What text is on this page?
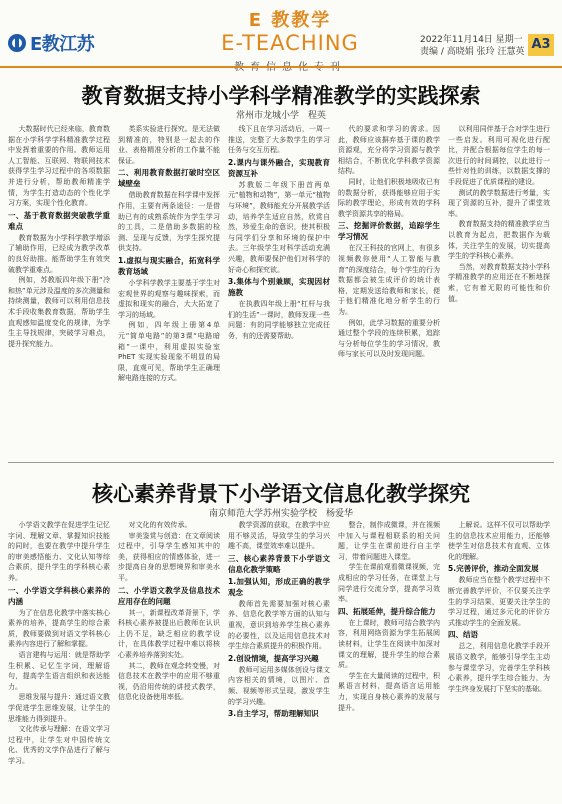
E教江苏
E 教教学
E-TEACHING	2022年11月14日 星期一
责编 / 高晓娟 张玲 汪慧英 A3
教育数据支持小学科学精准教学的实践探索
常州市龙城小学　程英

大数据时代已经来临，教育数据在小学科学学科精准教学过程中发挥着重要的作用。教师运用人工智能、互联网、物联网技术获得学生学习过程中的各项数据并进行分析，帮助教师精准学情，为学生打造动态的个性化学习方案，实现个性化教育。

一、基于教育数据突破教学重难点

教育数据为小学科学教学增添了辅助作用，已经成为教学改革的良好助推。能帮助学生有效突破教学重难点。

例如，苏教版四年级下册“冷和热”单元涉及温度的多次测量和持续测量，教师可以利用信息技术手段收集教育数据，帮助学生直观感知温度变化的规律，为学生主导找规律，突破学习难点，提升探究能力。

类系实验进行探究。是无法做到精准的，特别是一起去的作业、表格精准分析的工作量不能保证。

二、利用教育数据打破时空区域壁垒

借助教育数据在科学课中发挥作用，主要有两条途径：一是借助已有的成熟系统作为学生学习的工具，二是借助多数据的检测、呈现与反馈，为学生探究提供支持。

1.虚拟与现实融合，拓宽科学教育场域

小学科学教学主要基于学生对宏观世界的观察与趣味探索，而虚拟和现实的融合，大大拓宽了学习的场域。

例如，四年级上册第4单元“简单电路”的第3课“电路暗箱”一课中，利用虚拟实验室 PhET 实现实验现象不明显的局限，直观可见，帮助学生正确理解电路连接的方式。

线下且在学习活动后，一周一推送，完整了大多数学生的学习任务与交互历程。

2.课内与课外融合，实现教育资源互补

苏教版二年级下册首两单元“植物和动物”，第一单元“植物与环境”，教师能充分开展教学活动，培养学生适应自然，欣赏自然，珍爱生命的意识，使其积极与同学们分享和环境的保护中去。三年级学生对科学活动充满兴趣，教师要保护他们对科学的好奇心和探究欲。

3.集体与个别兼顾，实现因材施教

在执教四年级上册“杠杆与我们的生活”一课时，教师发现一些问题：有的同学能够独立完成任务，有的还需要帮助。

代的要求和学习的需求。因此，教师应该摒弃基于课的教学资源观，充分将学习资源与教学相结合，不断优化学科教学资源结构。

同时，让他们积极地吸收已有的数据分析，获得能够应用于实际的教学理论，形成有效的学科教学资源共享的格局。

三、挖掘评价数据，追踪学生学习情况

在汉王科技的官网上，有很多视频教你使用“人工智能与教育”的深度结合，每个学生的行为数据都会被生成评价的统计表格，定期发送给教师和家长，便于他们精准化地分析学生的行为。

例如，此学习数据的重要分析通过整个学段的连续积累，追踪与分析每位学生的学习情况，教师与家长可以及时发现问题。

以利用同伴基于合对学生进行一些启发。利用可视化进行配比，并配合根据每位学生的每一次进行的时间调控，以此进行一些针对性的训练，以数据支撑的手段促进了优质课程的建设。

测试的教学数据进行考量，实现了资源的互补，提升了课堂效率。

教育数据支持的精准教学应当以教育为起点，把数据作为载体，关注学生的发展，切实提高学生的学科核心素养。

当然，对教育数据支持小学科学精准教学的应用还在不断地探索，它有着无限的可能性和价值。

核心素养背景下小学语文信息化教学探究
南京师范大学苏州实验学校　杨爱华

小学语文教学在促进学生记忆字词、理解文章、掌握知识技能的同时，也要在教学中提升学生的审美感悟能力、文化认知等综合素质，提升学生的学科核心素养。

一、小学语文学科核心素养的内涵

为了在信息化教学中落实核心素养的培养，提高学生的综合素质，教师要做到对语文学科核心素养内容进行了解和掌握。

语言建构与运用：就是帮助学生积累、记忆生字词，理解语句，提高学生语言组织和表达能力。

思维发展与提升：通过语文教学促进学生思维发展，让学生的思维能力得到提升。

文化传承与理解：在语文学习过程中，让学生对中国传统文化、优秀的文学作品进行了解与学习。

对文化的有效传承。

审美鉴赏与创造：在文章阅读过程中，引导学生感知其中的美，获得相应的情感体验，进一步提高自身的思想境界和审美水平。

二、小学语文教学及信息技术应用存在的问题

其一，新课程改革背景下，学科核心素养被提出后教师在认识上仍不足，缺乏相应的教学设计，在具体教学过程中难以将核心素养培养落到实处。

其二，教师在观念转变慢，对信息技术在教学中的应用不够重视，仍沿用传统的讲授式教学，信息化设备使用率低。

教学资源的获取，在教学中应用不够灵活，导致学生的学习兴趣不高，课堂效率难以提升。

三、核心素养背景下小学语文信息化教学策略
1.加强认知，形成正确的教学观念

教师首先需要加强对核心素养、信息化教学等方面的认知与重视，意识到培养学生核心素养的必要性，以及运用信息技术对学生综合素质提升的积极作用。

2.创设情境，提高学习兴趣

教师可运用多媒体创设与课文内容相关的情境，以图片、音频、视频等形式呈现，激发学生的学习兴趣。

3.自主学习，帮助理解知识

整合，制作成微课，并在视频中加入与课程相联系的相关问题，让学生在课前进行自主学习，带着问题进入课堂。

学生在课前观看微课视频，完成相应的学习任务，在课堂上与同学进行交流分享，提高学习效率。

四、拓展延伸，提升综合能力

在上课时，教师可结合教学内容，利用网络资源为学生拓展阅读材料，让学生在阅读中加深对课文的理解，提升学生的综合素质。

学生在大量阅读的过程中，积累语言材料，提高语言运用能力，实现自身核心素养的发展与提升。

上解说。这样不仅可以帮助学生的信息技术应用能力，还能够使学生对信息技术有直观、立体化的理解。

5.完善评价，推动全面发展

教师应当在整个教学过程中不断完善教学评价，不仅要关注学生的学习结果，更要关注学生的学习过程，通过多元化的评价方式推动学生的全面发展。

四、结语

总之，利用信息化教学手段开展语文教学，能够引导学生主动参与课堂学习，完善学生学科核心素养，提升学生综合能力，为学生终身发展打下坚实的基础。
